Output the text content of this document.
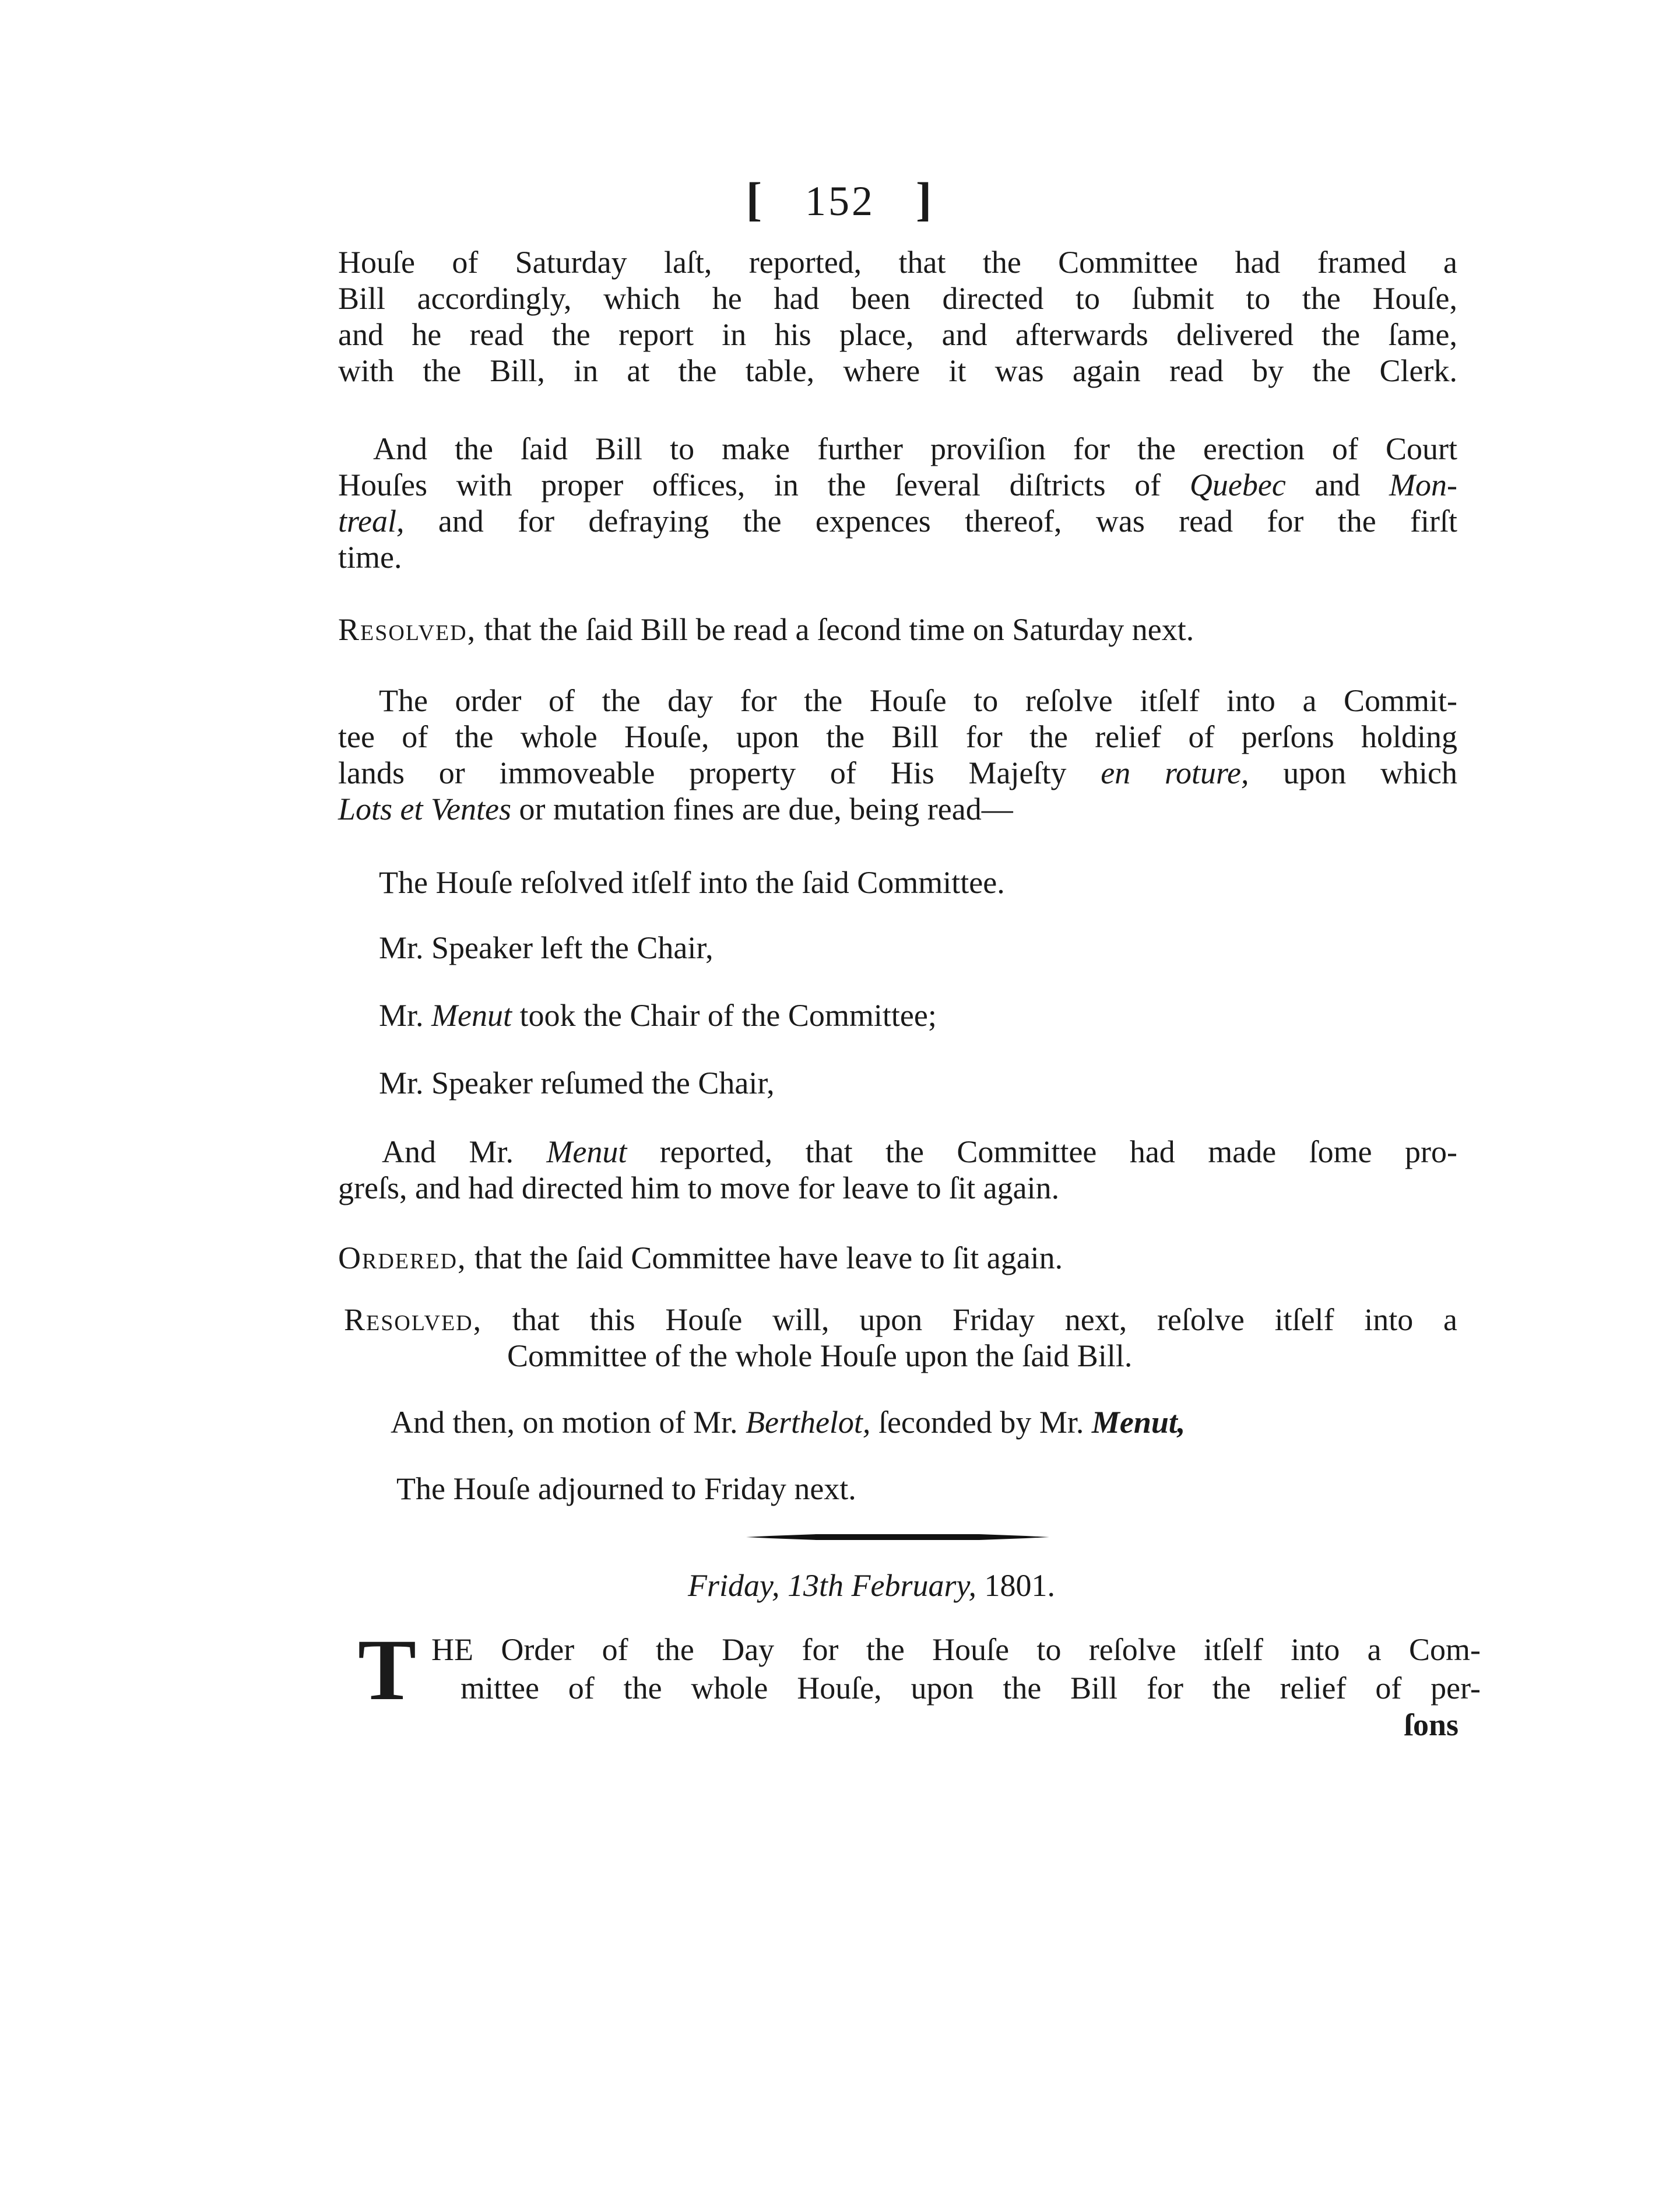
[ 152 ]
Houſe of Saturday laſt, reported, that the Committee had framed a
Bill accordingly, which he had been directed to ſubmit to the Houſe,
and he read the report in his place, and afterwards delivered the ſame,
with the Bill, in at the table, where it was again read by the Clerk.
And the ſaid Bill to make further proviſion for the erection of Court
Houſes with proper offices, in the ſeveral diſtricts of Quebec and Mon-
treal, and for defraying the expences thereof, was read for the firſt
time.
Resolved, that the ſaid Bill be read a ſecond time on Saturday next.
The order of the day for the Houſe to reſolve itſelf into a Commit-
tee of the whole Houſe, upon the Bill for the relief of perſons holding
lands or immoveable property of His Majeſty en roture, upon which
Lots et Ventes or mutation fines are due, being read—
The Houſe reſolved itſelf into the ſaid Committee.
Mr. Speaker left the Chair,
Mr. Menut took the Chair of the Committee;
Mr. Speaker reſumed the Chair,
And Mr. Menut reported, that the Committee had made ſome pro-
greſs, and had directed him to move for leave to ſit again.
Ordered, that the ſaid Committee have leave to ſit again.
Resolved, that this Houſe will, upon Friday next, reſolve itſelf into a
Committee of the whole Houſe upon the ſaid Bill.
And then, on motion of Mr. Berthelot, ſeconded by Mr. Menut,
The Houſe adjourned to Friday next.
Friday, 13th February, 1801.
T HE Order of the Day for the Houſe to reſolve itſelf into a Com-
mittee of the whole Houſe, upon the Bill for the relief of per-
ſons
